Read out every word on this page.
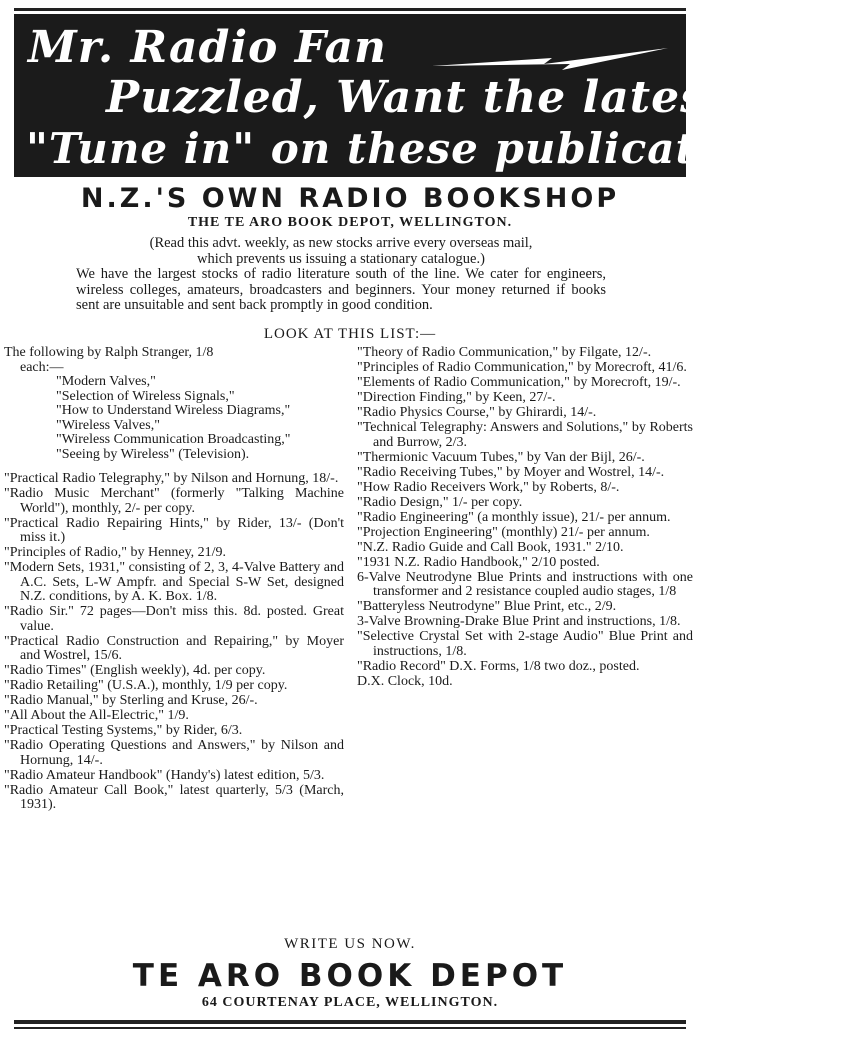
Mr. Radio Fan
Puzzled, Want the latest?
"Tune in" on these publications at
N.Z.'S OWN RADIO BOOKSHOP
THE TE ARO BOOK DEPOT, WELLINGTON.
(Read this advt. weekly, as new stocks arrive every overseas mail,
which prevents us issuing a stationary catalogue.)
We have the largest stocks of radio literature south of the line. We cater for engineers, wireless colleges, amateurs, broadcasters and beginners. Your money returned if books sent are unsuitable and sent back promptly in good condition.
LOOK AT THIS LIST:—

The following by Ralph Stranger, 1/8

each:—

"Modern Valves,"

"Selection of Wireless Signals,"

"How to Understand Wireless Diagrams,"

"Wireless Valves,"

"Wireless Communication Broadcasting,"

"Seeing by Wireless" (Television).

"Practical Radio Telegraphy," by Nilson and Hornung, 18/-.

"Radio Music Merchant" (formerly "Talking Machine World"), monthly, 2/- per copy.

"Practical Radio Repairing Hints," by Rider, 13/- (Don't miss it.)

"Principles of Radio," by Henney, 21/9.

"Modern Sets, 1931," consisting of 2, 3, 4-Valve Battery and A.C. Sets, L-W Ampfr. and Special S-W Set, designed N.Z. conditions, by A. K. Box. 1/8.

"Radio Sir." 72 pages—Don't miss this. 8d. posted. Great value.

"Practical Radio Construction and Repairing," by Moyer and Wostrel, 15/6.

"Radio Times" (English weekly), 4d. per copy.

"Radio Retailing" (U.S.A.), monthly, 1/9 per copy.

"Radio Manual," by Sterling and Kruse, 26/-.

"All About the All-Electric," 1/9.

"Practical Testing Systems," by Rider, 6/3.

"Radio Operating Questions and Answers," by Nilson and Hornung, 14/-.

"Radio Amateur Handbook" (Handy's) latest edition, 5/3.

"Radio Amateur Call Book," latest quarterly, 5/3 (March, 1931).

"Theory of Radio Communication," by Filgate, 12/-.

"Principles of Radio Communication," by Morecroft, 41/6.

"Elements of Radio Communication," by Morecroft, 19/-.

"Direction Finding," by Keen, 27/-.

"Radio Physics Course," by Ghirardi, 14/-.

"Technical Telegraphy: Answers and Solutions," by Roberts and Burrow, 2/3.

"Thermionic Vacuum Tubes," by Van der Bijl, 26/-.

"Radio Receiving Tubes," by Moyer and Wostrel, 14/-.

"How Radio Receivers Work," by Roberts, 8/-.

"Radio Design," 1/- per copy.

"Radio Engineering" (a monthly issue), 21/- per annum.

"Projection Engineering" (monthly) 21/- per annum.

"N.Z. Radio Guide and Call Book, 1931." 2/10.

"1931 N.Z. Radio Handbook," 2/10 posted.

6-Valve Neutrodyne Blue Prints and instructions with one transformer and 2 resistance coupled audio stages, 1/8

"Batteryless Neutrodyne" Blue Print, etc., 2/9.

3-Valve Browning-Drake Blue Print and instructions, 1/8.

"Selective Crystal Set with 2-stage Audio" Blue Print and instructions, 1/8.

"Radio Record" D.X. Forms, 1/8 two doz., posted.

D.X. Clock, 10d.

WRITE US NOW.
TE ARO BOOK DEPOT
64 COURTENAY PLACE, WELLINGTON.
